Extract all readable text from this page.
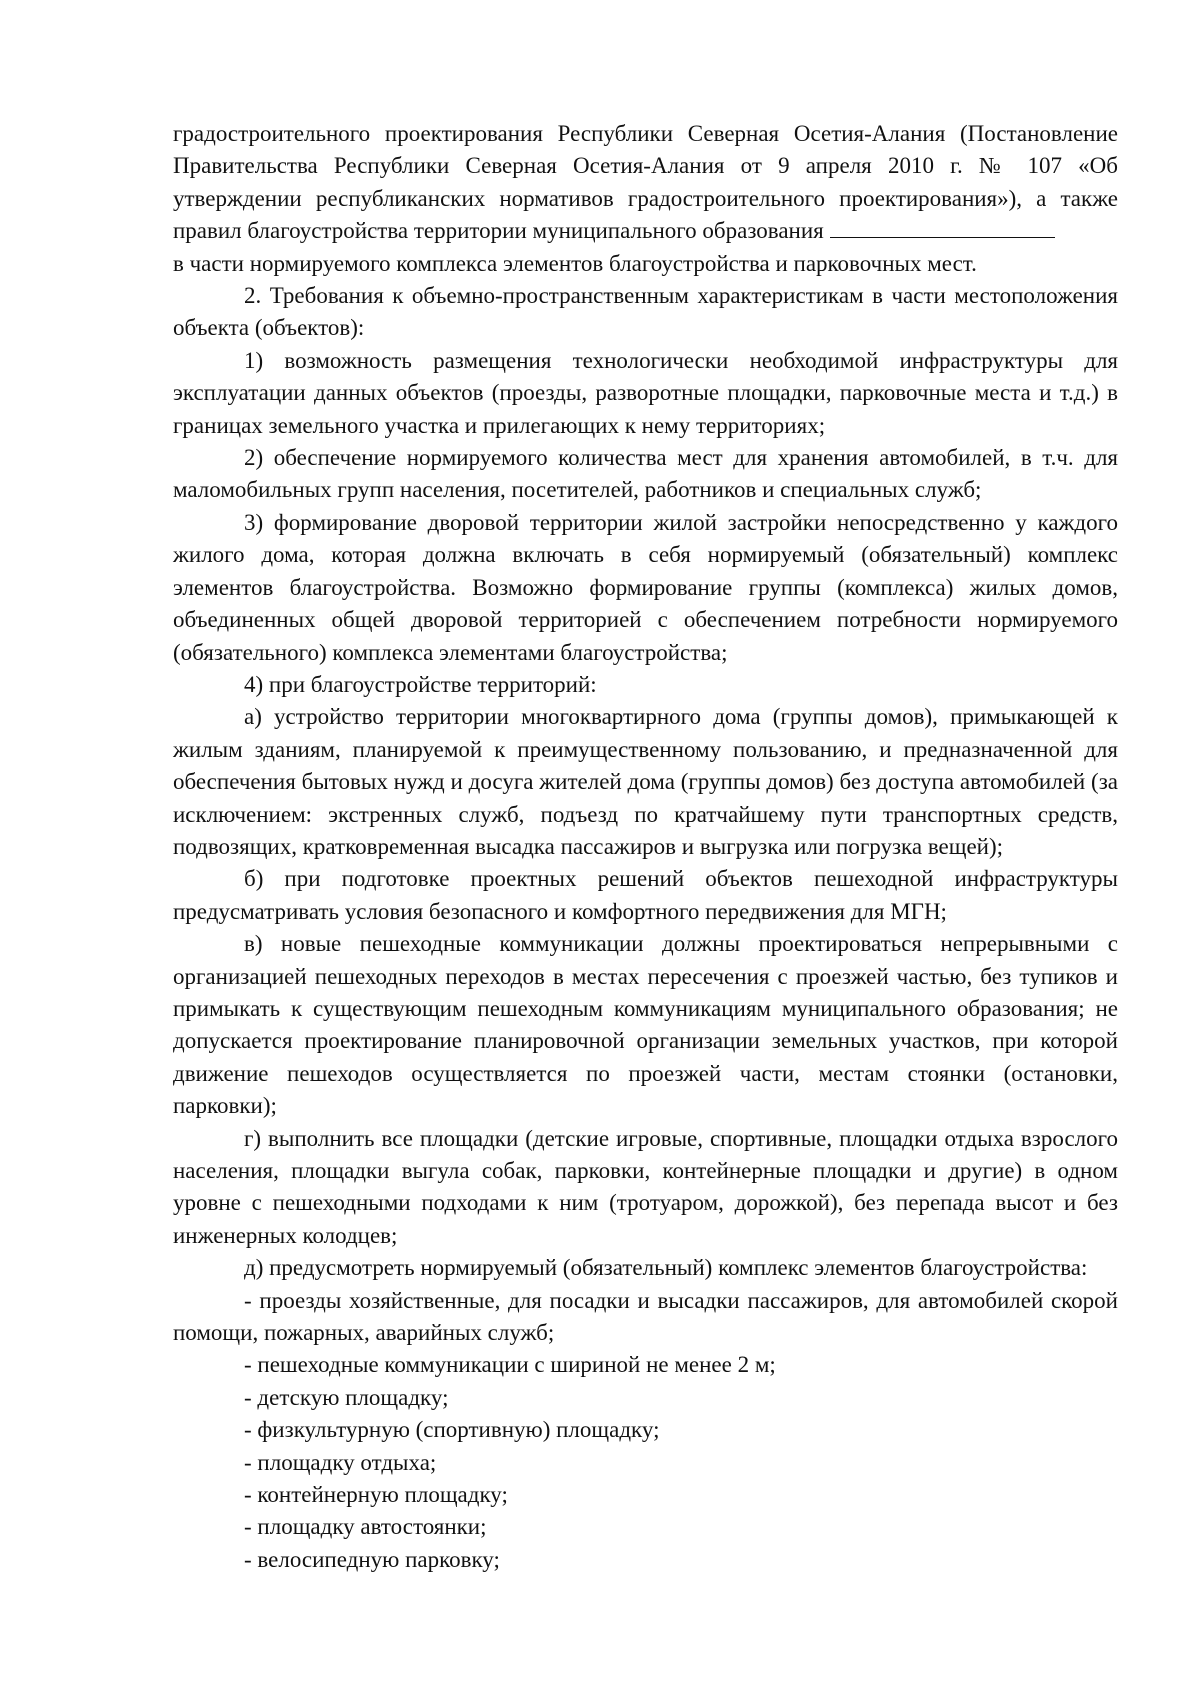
градостроительного проектирования Республики Северная Осетия-Алания (Постановление
Правительства Республики Северная Осетия-Алания от 9 апреля 2010 г. № 107 «Об
утверждении республиканских нормативов градостроительного проектирования»), а также
правил благоустройства территории муниципального образования
в части нормируемого комплекса элементов благоустройства и парковочных мест.

2. Требования к объемно-пространственным характеристикам в части местоположения объекта (объектов):

1) возможность размещения технологически необходимой инфраструктуры для эксплуатации данных объектов (проезды, разворотные площадки, парковочные места и т.д.) в границах земельного участка и прилегающих к нему территориях;

2) обеспечение нормируемого количества мест для хранения автомобилей, в т.ч. для маломобильных групп населения, посетителей, работников и специальных служб;

3) формирование дворовой территории жилой застройки непосредственно у каждого жилого дома, которая должна включать в себя нормируемый (обязательный) комплекс элементов благоустройства. Возможно формирование группы (комплекса) жилых домов, объединенных общей дворовой территорией с обеспечением потребности нормируемого (обязательного) комплекса элементами благоустройства;

4) при благоустройстве территорий:

а) устройство территории многоквартирного дома (группы домов), примыкающей к жилым зданиям, планируемой к преимущественному пользованию, и предназначенной для обеспечения бытовых нужд и досуга жителей дома (группы домов) без доступа автомобилей (за исключением: экстренных служб, подъезд по кратчайшему пути транспортных средств, подвозящих, кратковременная высадка пассажиров и выгрузка или погрузка вещей);

б) при подготовке проектных решений объектов пешеходной инфраструктуры предусматривать условия безопасного и комфортного передвижения для МГН;

в) новые пешеходные коммуникации должны проектироваться непрерывными с организацией пешеходных переходов в местах пересечения с проезжей частью, без тупиков и примыкать к существующим пешеходным коммуникациям муниципального образования; не допускается проектирование планировочной организации земельных участков, при которой движение пешеходов осуществляется по проезжей части, местам стоянки (остановки, парковки);

г) выполнить все площадки (детские игровые, спортивные, площадки отдыха взрослого населения, площадки выгула собак, парковки, контейнерные площадки и другие) в одном уровне с пешеходными подходами к ним (тротуаром, дорожкой), без перепада высот и без инженерных колодцев;

д) предусмотреть нормируемый (обязательный) комплекс элементов благоустройства:

- проезды хозяйственные, для посадки и высадки пассажиров, для автомобилей скорой помощи, пожарных, аварийных служб;

- пешеходные коммуникации с шириной не менее 2 м;

- детскую площадку;

- физкультурную (спортивную) площадку;

- площадку отдыха;

- контейнерную площадку;

- площадку автостоянки;

- велосипедную парковку;
